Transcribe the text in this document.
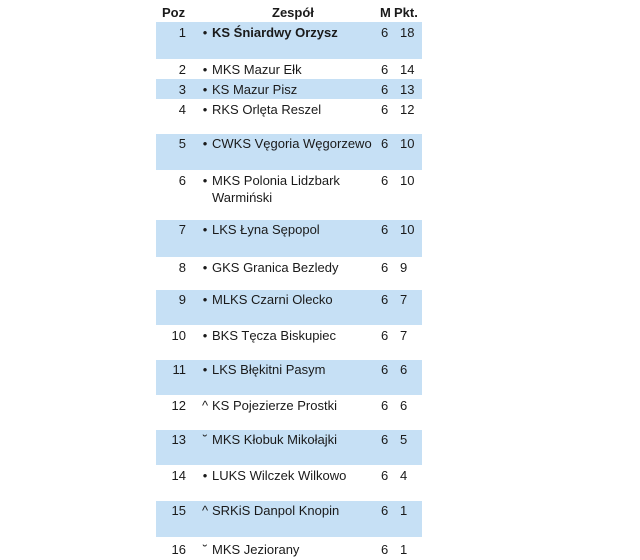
Poz	Zespół	M Pkt.
1 • KS Śniardwy Orzysz	6 18
2 • MKS Mazur Ełk	6 14
3 • KS Mazur Pisz	6 13
4 • RKS Orlęta Reszel	6 12
5 • CWKS Vęgoria Węgorzewo 6 10
6 • MKS Polonia Lidzbark Warmiński
6 10
7 • LKS Łyna Sępopol	6 10
8 • GKS Granica Bezledy	6 9
9 • MLKS Czarni Olecko	6 7
10 • BKS Tęcza Biskupiec	6 7
11 • LKS Błękitni Pasym	6 6
12 ^ KS Pojezierze Prostki	6 6
13 ˘ MKS Kłobuk Mikołajki	6 5
14 • LUKS Wilczek Wilkowo	6 4
15 ^ SRKiS Danpol Knopin	6 1
16 ˘ MKS Jeziorany	6 1
